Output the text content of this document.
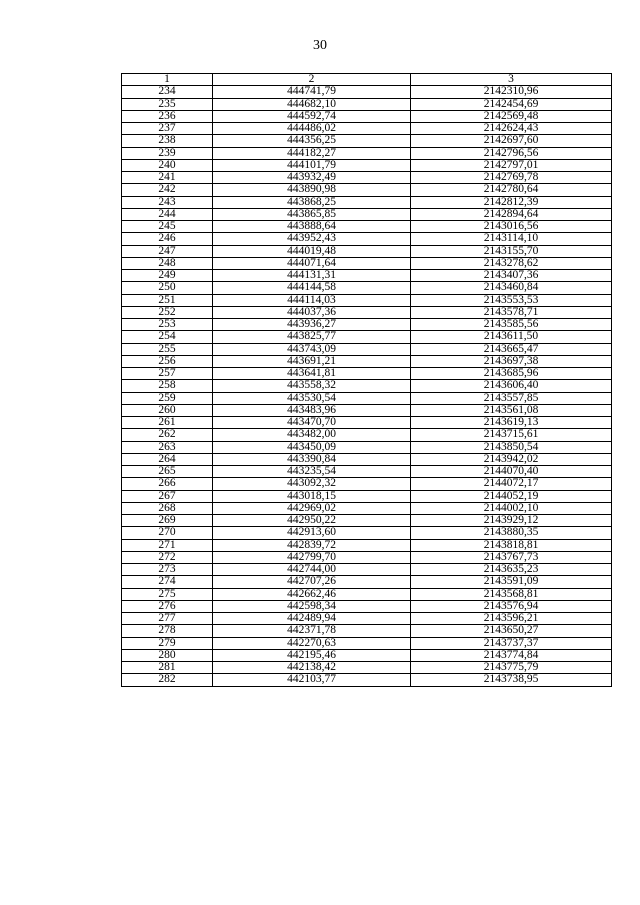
30
1	2	3
234	444741,79	2142310,96
235	444682,10	2142454,69
236	444592,74	2142569,48
237	444486,02	2142624,43
238	444356,25	2142697,60
239	444182,27	2142796,56
240	444101,79	2142797,01
241	443932,49	2142769,78
242	443890,98	2142780,64
243	443868,25	2142812,39
244	443865,85	2142894,64
245	443888,64	2143016,56
246	443952,43	2143114,10
247	444019,48	2143155,70
248	444071,64	2143278,62
249	444131,31	2143407,36
250	444144,58	2143460,84
251	444114,03	2143553,53
252	444037,36	2143578,71
253	443936,27	2143585,56
254	443825,77	2143611,50
255	443743,09	2143665,47
256	443691,21	2143697,38
257	443641,81	2143685,96
258	443558,32	2143606,40
259	443530,54	2143557,85
260	443483,96	2143561,08
261	443470,70	2143619,13
262	443482,00	2143715,61
263	443450,09	2143850,54
264	443390,84	2143942,02
265	443235,54	2144070,40
266	443092,32	2144072,17
267	443018,15	2144052,19
268	442969,02	2144002,10
269	442950,22	2143929,12
270	442913,60	2143880,35
271	442839,72	2143818,81
272	442799,70	2143767,73
273	442744,00	2143635,23
274	442707,26	2143591,09
275	442662,46	2143568,81
276	442598,34	2143576,94
277	442489,94	2143596,21
278	442371,78	2143650,27
279	442270,63	2143737,37
280	442195,46	2143774,84
281	442138,42	2143775,79
282	442103,77	2143738,95
